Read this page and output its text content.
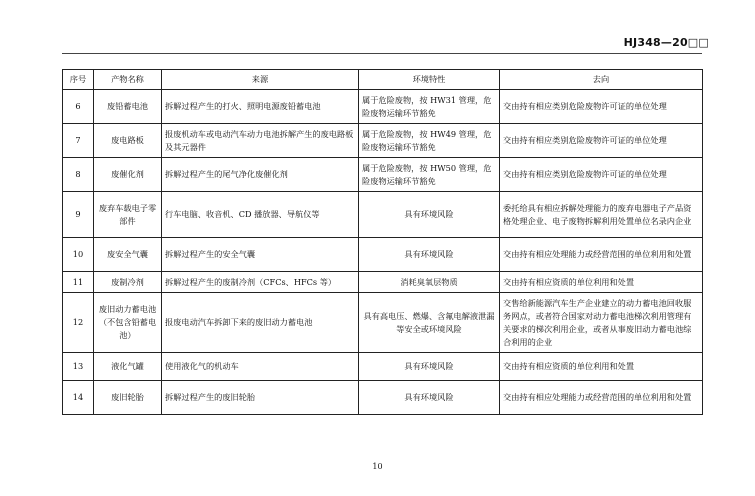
HJ348—20□□
序号	产物名称	来源	环境特性	去向
6	废铅蓄电池	拆解过程产生的打火、照明电源废铅蓄电池	属于危险废物，按 HW31 管理，危险废物运输环节豁免	交由持有相应类别危险废物许可证的单位处理
7	废电路板	报废机动车或电动汽车动力电池拆解产生的废电路板及其元器件	属于危险废物，按 HW49 管理，危险废物运输环节豁免	交由持有相应类别危险废物许可证的单位处理
8	废催化剂	拆解过程产生的尾气净化废催化剂	属于危险废物，按 HW50 管理，危险废物运输环节豁免	交由持有相应类别危险废物许可证的单位处理
9	废弃车载电子零部件	行车电脑、收音机、CD 播放器、导航仪等	具有环境风险	委托给具有相应拆解处理能力的废弃电器电子产品资格处理企业、电子废物拆解利用处置单位名录内企业
10	废安全气囊	拆解过程产生的安全气囊	具有环境风险	交由持有相应处理能力或经营范围的单位利用和处置
11	废制冷剂	拆解过程产生的废制冷剂（CFCs、HFCs 等）	消耗臭氧层物质	交由持有相应资质的单位利用和处置
12	废旧动力蓄电池（不包含铅蓄电池）	报废电动汽车拆卸下来的废旧动力蓄电池	具有高电压、燃爆、含氟电解液泄漏等安全或环境风险	交售给新能源汽车生产企业建立的动力蓄电池回收服务网点，或者符合国家对动力蓄电池梯次利用管理有关要求的梯次利用企业，或者从事废旧动力蓄电池综合利用的企业
13	液化气罐	使用液化气的机动车	具有环境风险	交由持有相应资质的单位利用和处置
14	废旧轮胎	拆解过程产生的废旧轮胎	具有环境风险	交由持有相应处理能力或经营范围的单位利用和处置
10
